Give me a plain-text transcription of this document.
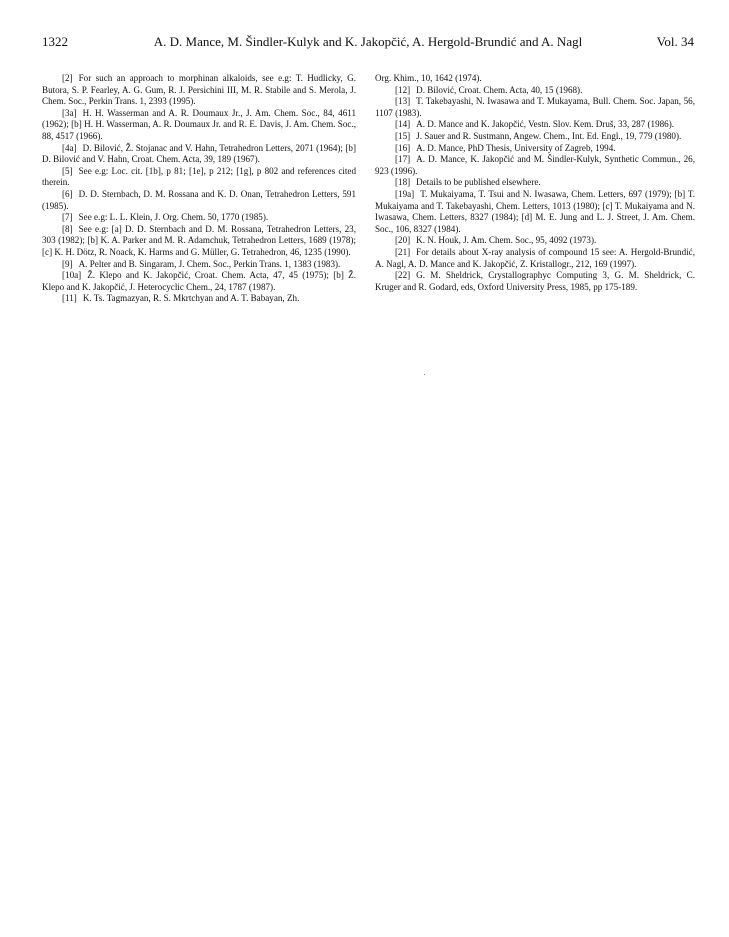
1322	A. D. Mance, M. Šindler-Kulyk and K. Jakopčić, A. Hergold-Brundić and A. Nagl	Vol. 34

[2] For such an approach to morphinan alkaloids, see e.g: T. Hudlicky, G. Butora, S. P. Fearley, A. G. Gum, R. J. Persichini III, M. R. Stabile and S. Merola, J. Chem. Soc., Perkin Trans. 1, 2393 (1995).

[3a] H. H. Wasserman and A. R. Doumaux Jr., J. Am. Chem. Soc., 84, 4611 (1962); [b] H. H. Wasserman, A. R. Doumaux Jr. and R. E. Davis, J. Am. Chem. Soc., 88, 4517 (1966).

[4a] D. Bilović, Ž. Stojanac and V. Hahn, Tetrahedron Letters, 2071 (1964); [b] D. Bilović and V. Hahn, Croat. Chem. Acta, 39, 189 (1967).

[5] See e.g: Loc. cit. [1b], p 81; [1e], p 212; [1g], p 802 and references cited therein.

[6] D. D. Sternbach, D. M. Rossana and K. D. Onan, Tetrahedron Letters, 591 (1985).

[7] See e.g: L. L. Klein, J. Org. Chem. 50, 1770 (1985).

[8] See e.g: [a] D. D. Sternbach and D. M. Rossana, Tetrahedron Letters, 23, 303 (1982); [b] K. A. Parker and M. R. Adamchuk, Tetrahedron Letters, 1689 (1978); [c] K. H. Dötz, R. Noack, K. Harms and G. Müller, G. Tetrahedron, 46, 1235 (1990).

[9] A. Pelter and B. Singaram, J. Chem. Soc., Perkin Trans. 1, 1383 (1983).

[10a] Ž. Klepo and K. Jakopčić, Croat. Chem. Acta, 47, 45 (1975); [b] Ž. Klepo and K. Jakopčić, J. Heterocyclic Chem., 24, 1787 (1987).

[11] K. Ts. Tagmazyan, R. S. Mkrtchyan and A. T. Babayan, Zh.

Org. Khim., 10, 1642 (1974).

[12] D. Bilović, Croat. Chem. Acta, 40, 15 (1968).

[13] T. Takebayashi, N. Iwasawa and T. Mukayama, Bull. Chem. Soc. Japan, 56, 1107 (1983).

[14] A. D. Mance and K. Jakopčić, Vestn. Slov. Kem. Druš, 33, 287 (1986).

[15] J. Sauer and R. Sustmann, Angew. Chem., Int. Ed. Engl., 19, 779 (1980).

[16] A. D. Mance, PhD Thesis, University of Zagreb, 1994.

[17] A. D. Mance, K. Jakopčić and M. Šindler-Kulyk, Synthetic Commun., 26, 923 (1996).

[18] Details to be published elsewhere.

[19a] T. Mukaiyama, T. Tsui and N. Iwasawa, Chem. Letters, 697 (1979); [b] T. Mukaiyama and T. Takebayashi, Chem. Letters, 1013 (1980); [c] T. Mukaiyama and N. Iwasawa, Chem. Letters, 8327 (1984); [d] M. E. Jung and L. J. Street, J. Am. Chem. Soc., 106, 8327 (1984).

[20] K. N. Houk, J. Am. Chem. Soc., 95, 4092 (1973).

[21] For details about X-ray analysis of compound 15 see: A. Hergold-Brundić, A. Nagl, A. D. Mance and K. Jakopčić, Z. Kristallogr., 212, 169 (1997).

[22] G. M. Sheldrick, Crystallographyc Computing 3, G. M. Sheldrick, C. Kruger and R. Godard, eds, Oxford University Press, 1985, pp 175-189.
